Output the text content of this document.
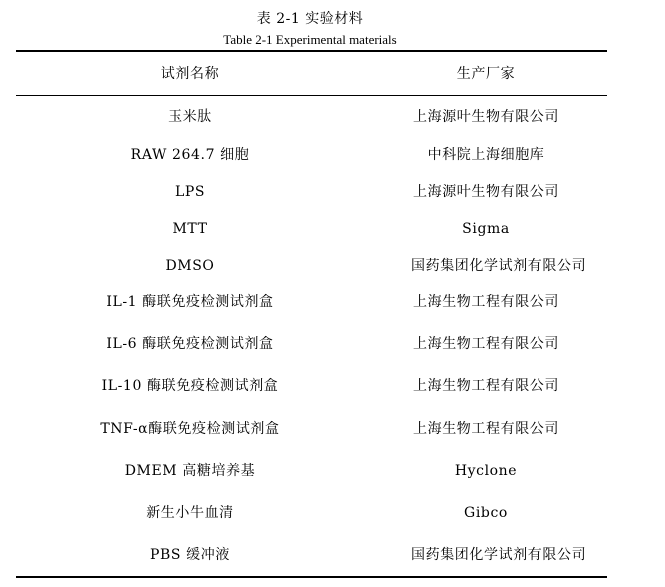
表 2-1 实验材料
Table 2-1 Experimental materials
试剂名称	生产厂家
玉米肽	上海源叶生物有限公司
RAW 264.7 细胞	中科院上海细胞库
LPS	上海源叶生物有限公司
MTT	Sigma
DMSO	国药集团化学试剂有限公司
IL-1 酶联免疫检测试剂盒	上海生物工程有限公司
IL-6 酶联免疫检测试剂盒	上海生物工程有限公司
IL-10 酶联免疫检测试剂盒	上海生物工程有限公司
TNF-α酶联免疫检测试剂盒	上海生物工程有限公司
DMEM 高糖培养基	Hyclone
新生小牛血清	Gibco
PBS 缓冲液	国药集团化学试剂有限公司
